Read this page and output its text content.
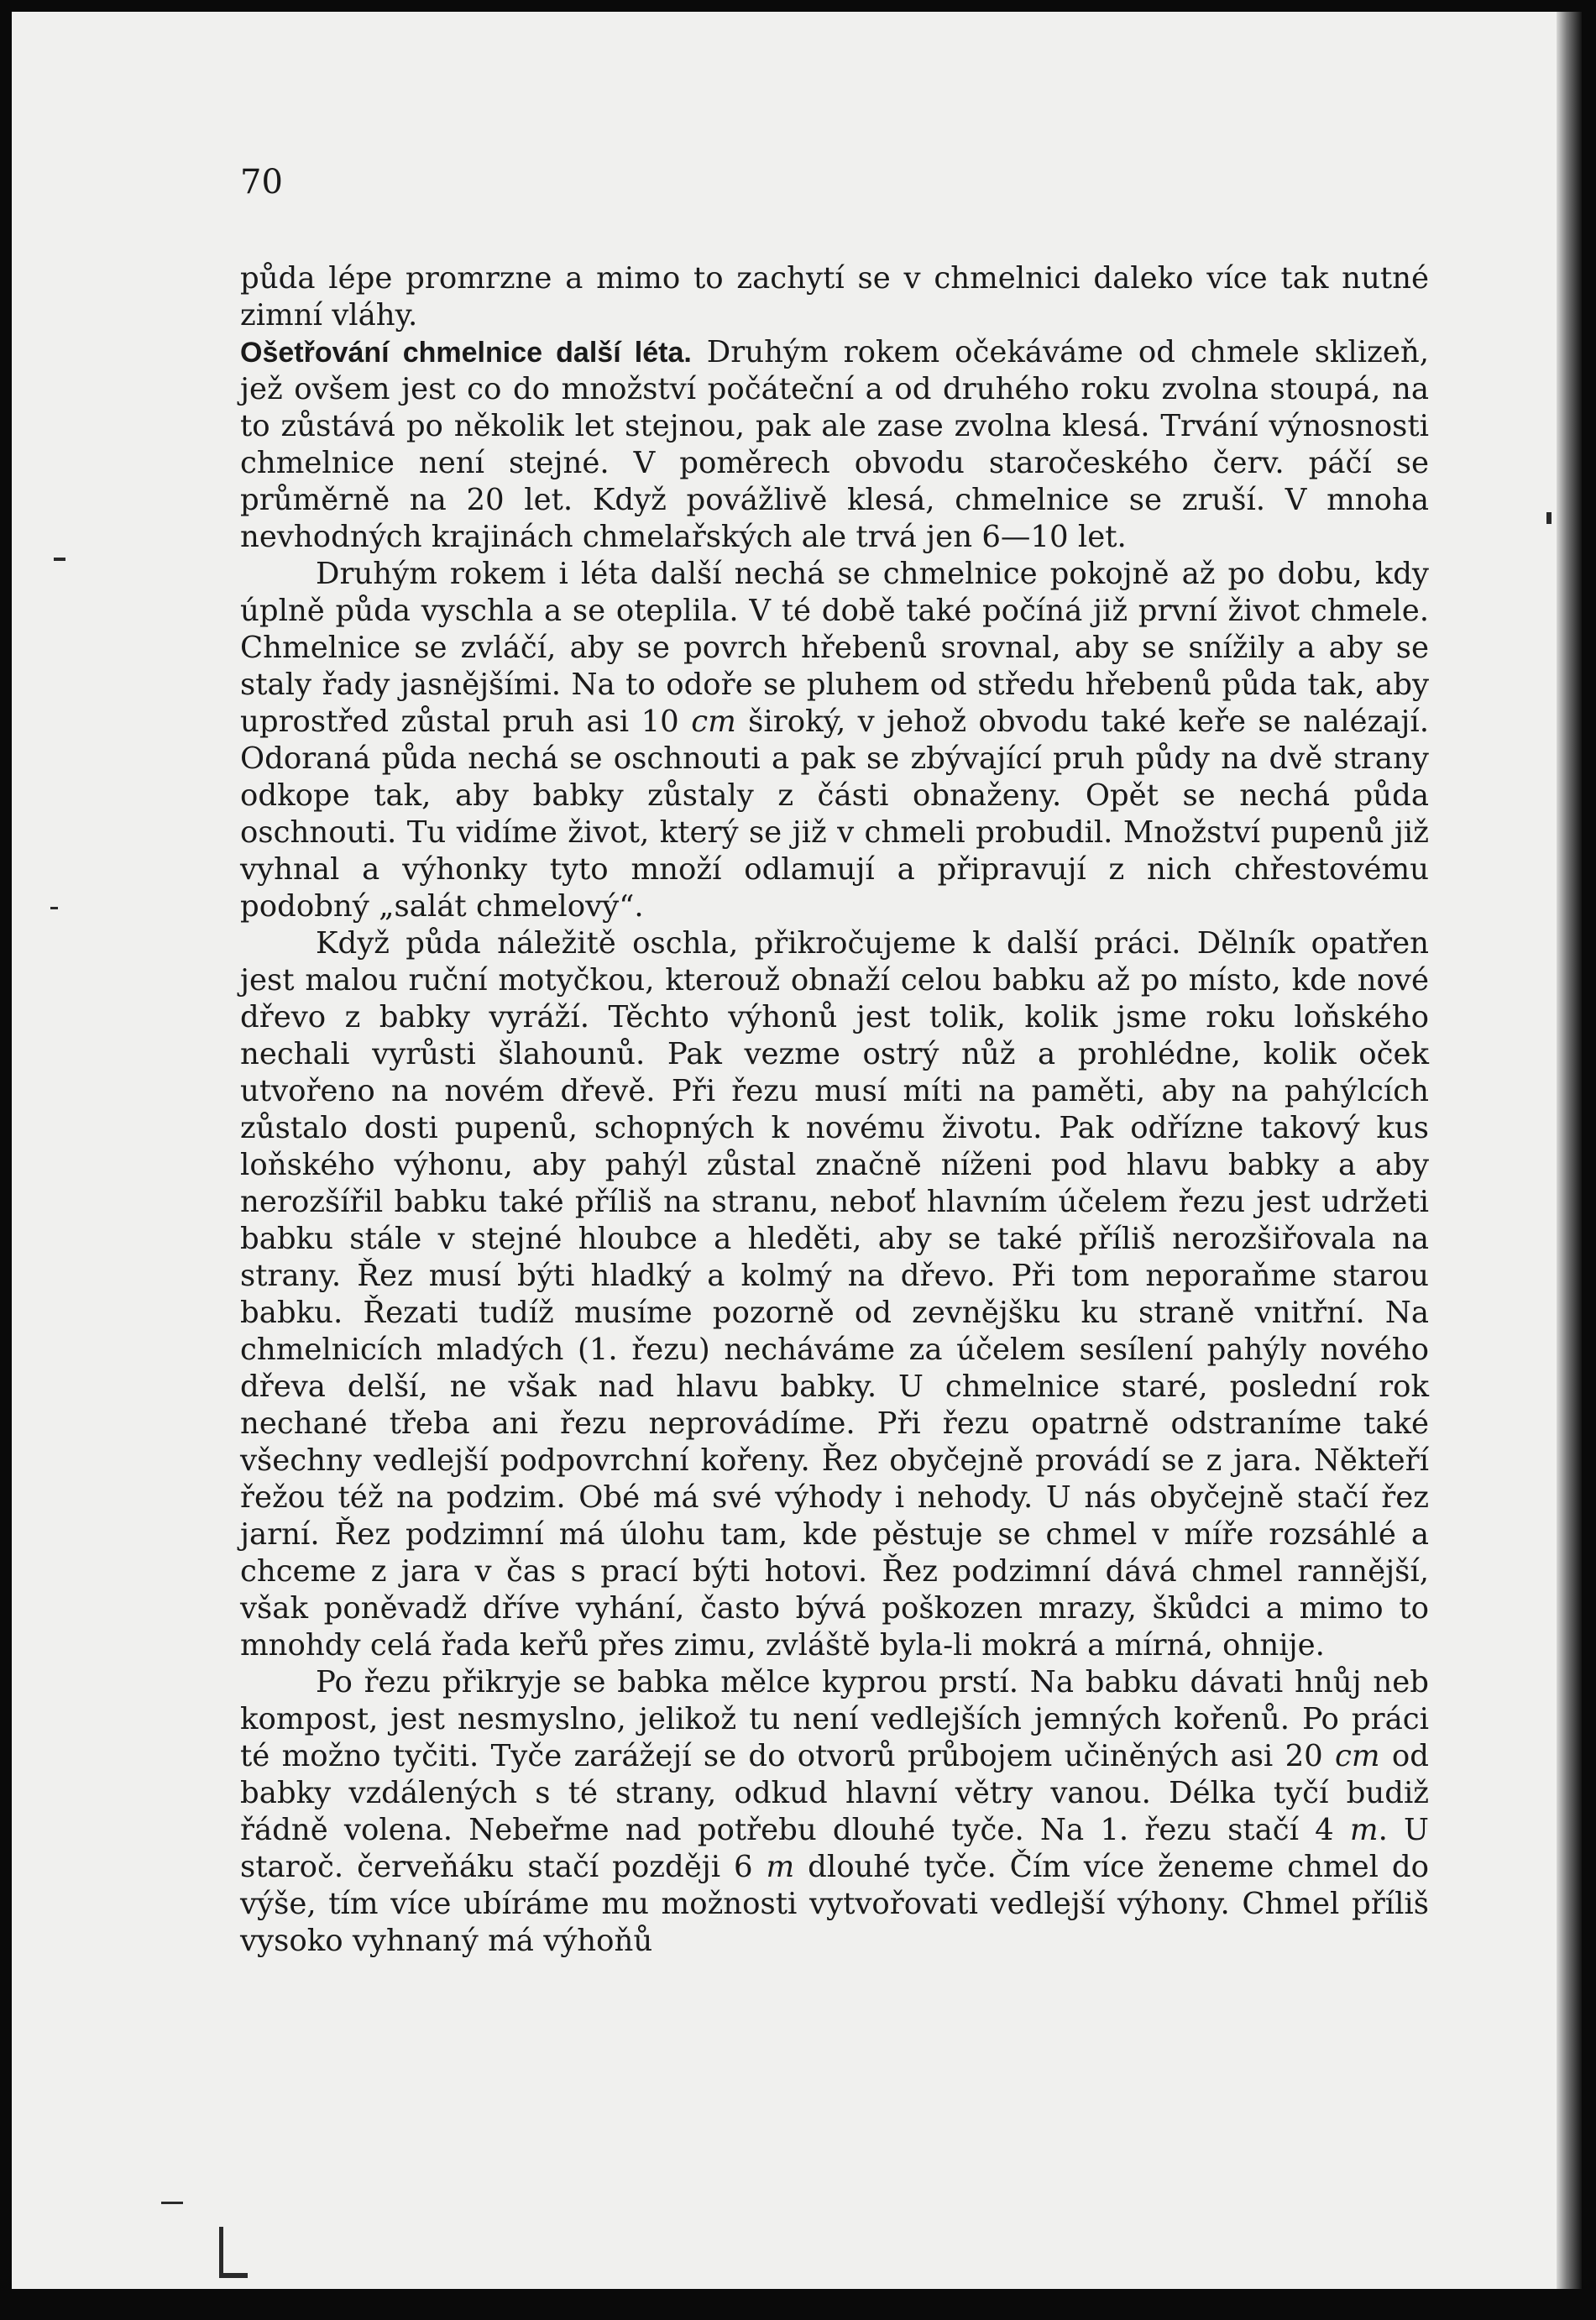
70

půda lépe promrzne a mimo to zachytí se v chmelnici daleko více tak nutné zimní vláhy.

Ošetřování chmelnice další léta. Druhým rokem očekáváme od chmele sklizeň, jež ovšem jest co do množství počáteční a od druhého roku zvolna stoupá, na to zůstává po několik let stejnou, pak ale zase zvolna klesá. Trvání výnosnosti chmelnice není stejné. V poměrech obvodu staročeského červ. páčí se průměrně na 20 let. Když povážlivě klesá, chmelnice se zruší. V mnoha nevhodných krajinách chmelařských ale trvá jen 6—10 let.

Druhým rokem i léta další nechá se chmelnice pokojně až po dobu, kdy úplně půda vyschla a se oteplila. V té době také počíná již první život chmele. Chmelnice se zvláčí, aby se povrch hřebenů srovnal, aby se snížily a aby se staly řady jasnějšími. Na to odoře se pluhem od středu hřebenů půda tak, aby uprostřed zůstal pruh asi 10 cm široký, v jehož obvodu také keře se nalézají. Odoraná půda nechá se oschnouti a pak se zbývající pruh půdy na dvě strany odkope tak, aby babky zůstaly z části obnaženy. Opět se nechá půda oschnouti. Tu vidíme život, který se již v chmeli probudil. Množství pupenů již vyhnal a výhonky tyto množí odlamují a připravují z nich chřestovému podobný „salát chmelový“.

Když půda náležitě oschla, přikročujeme k další práci. Dělník opatřen jest malou ruční motyčkou, kterouž obnaží celou babku až po místo, kde nové dřevo z babky vyráží. Těchto výhonů jest tolik, kolik jsme roku loňského nechali vyrůsti šlahounů. Pak vezme ostrý nůž a prohlédne, kolik oček utvořeno na novém dřevě. Při řezu musí míti na paměti, aby na pahýlcích zůstalo dosti pupenů, schopných k novému životu. Pak odřízne takový kus loňského výhonu, aby pahýl zůstal značně níženi pod hlavu babky a aby nerozšířil babku také příliš na stranu, neboť hlavním účelem řezu jest udržeti babku stále v stejné hloubce a hleděti, aby se také příliš nerozšiřovala na strany. Řez musí býti hladký a kolmý na dřevo. Při tom neporaňme starou babku. Řezati tudíž musíme pozorně od zevnějšku ku straně vnitřní. Na chmelnicích mladých (1. řezu) necháváme za účelem sesílení pahýly nového dřeva delší, ne však nad hlavu babky. U chmelnice staré, poslední rok nechané třeba ani řezu neprovádíme. Při řezu opatrně odstraníme také všechny vedlejší podpovrchní kořeny. Řez obyčejně provádí se z jara. Někteří řežou též na podzim. Obé má své výhody i nehody. U nás obyčejně stačí řez jarní. Řez podzimní má úlohu tam, kde pěstuje se chmel v míře rozsáhlé a chceme z jara v čas s prací býti hotovi. Řez podzimní dává chmel rannější, však poněvadž dříve vyhání, často bývá poškozen mrazy, škůdci a mimo to mnohdy celá řada keřů přes zimu, zvláště byla-li mokrá a mírná, ohnije.

Po řezu přikryje se babka mělce kyprou prstí. Na babku dávati hnůj neb kompost, jest nesmyslno, jelikož tu není vedlejších jemných kořenů. Po práci té možno tyčiti. Tyče zarážejí se do otvorů průbojem učiněných asi 20 cm od babky vzdálených s té strany, odkud hlavní větry vanou. Délka tyčí budiž řádně volena. Nebeřme nad potřebu dlouhé tyče. Na 1. řezu stačí 4 m. U staroč. červeňáku stačí později 6 m dlouhé tyče. Čím více ženeme chmel do výše, tím více ubíráme mu možnosti vytvořovati vedlejší výhony. Chmel příliš vysoko vyhnaný má výhoňů
